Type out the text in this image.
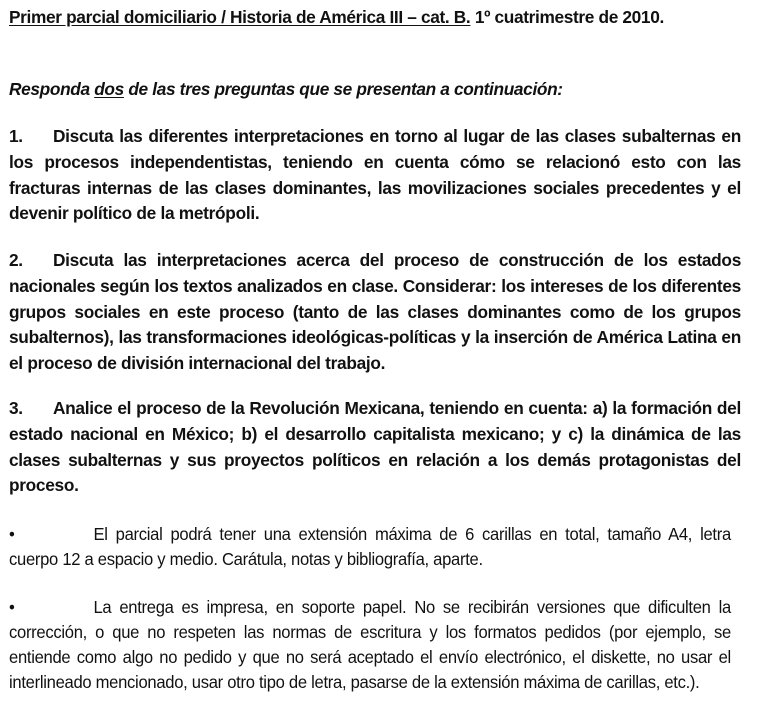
Primer parcial domiciliario / Historia de América III – cat. B. 1º cuatrimestre de 2010.
Responda dos de las tres preguntas que se presentan a continuación:
1. Discuta las diferentes interpretaciones en torno al lugar de las clases subalternas en los procesos independentistas, teniendo en cuenta cómo se relacionó esto con las fracturas internas de las clases dominantes, las movilizaciones sociales precedentes y el devenir político de la metrópoli.
2. Discuta las interpretaciones acerca del proceso de construcción de los estados nacionales según los textos analizados en clase. Considerar: los intereses de los diferentes grupos sociales en este proceso (tanto de las clases dominantes como de los grupos subalternos), las transformaciones ideológicas-políticas y la inserción de América Latina en el proceso de división internacional del trabajo.
3. Analice el proceso de la Revolución Mexicana, teniendo en cuenta: a) la formación del estado nacional en México; b) el desarrollo capitalista mexicano; y c) la dinámica de las clases subalternas y sus proyectos políticos en relación a los demás protagonistas del proceso.
•	El parcial podrá tener una extensión máxima de 6 carillas en total, tamaño A4, letra cuerpo 12 a espacio y medio. Carátula, notas y bibliografía, aparte.
•	La entrega es impresa, en soporte papel. No se recibirán versiones que dificulten la corrección, o que no respeten las normas de escritura y los formatos pedidos (por ejemplo, se entiende como algo no pedido y que no será aceptado el envío electrónico, el diskette, no usar el interlineado mencionado, usar otro tipo de letra, pasarse de la extensión máxima de carillas, etc.).
